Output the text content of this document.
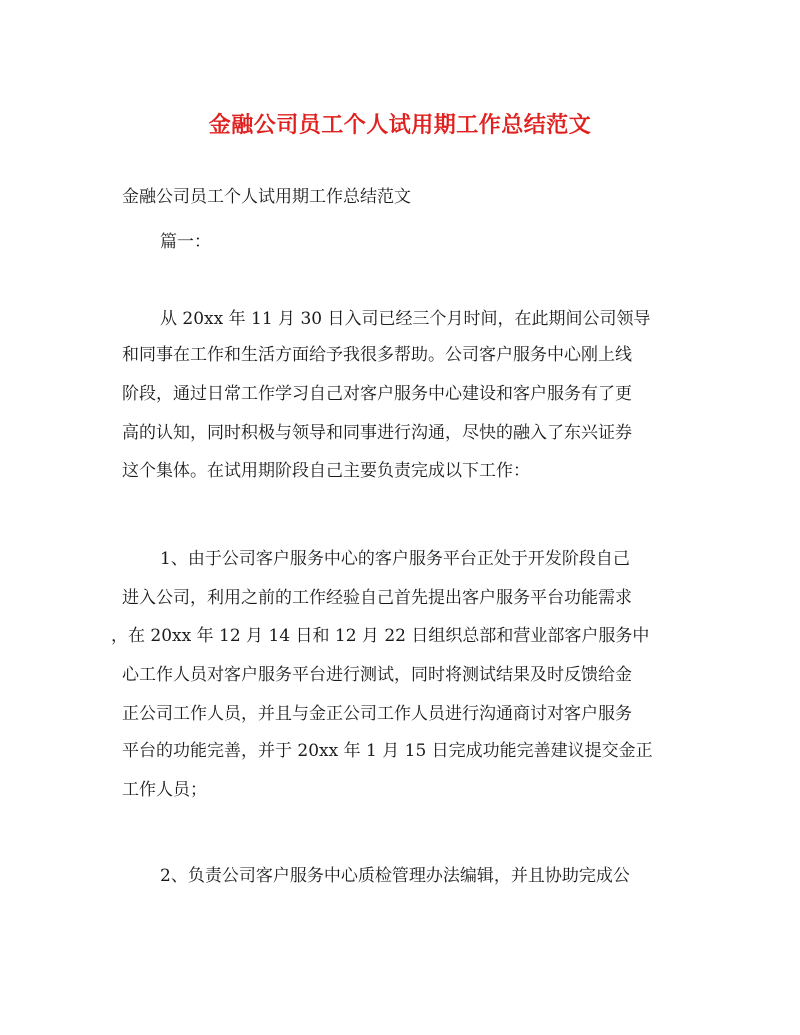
金融公司员工个人试用期工作总结范文

金融公司员工个人试用期工作总结范文

篇一：

从 20xx 年 11 月 30 日入司已经三个月时间，在此期间公司领导

和同事在工作和生活方面给予我很多帮助。公司客户服务中心刚上线

阶段，通过日常工作学习自己对客户服务中心建设和客户服务有了更

高的认知，同时积极与领导和同事进行沟通，尽快的融入了东兴证券

这个集体。在试用期阶段自己主要负责完成以下工作：

1、由于公司客户服务中心的客户服务平台正处于开发阶段自己

进入公司，利用之前的工作经验自己首先提出客户服务平台功能需求

，在 20xx 年 12 月 14 日和 12 月 22 日组织总部和营业部客户服务中

心工作人员对客户服务平台进行测试，同时将测试结果及时反馈给金

正公司工作人员，并且与金正公司工作人员进行沟通商讨对客户服务

平台的功能完善，并于 20xx 年 1 月 15 日完成功能完善建议提交金正

工作人员；

2、负责公司客户服务中心质检管理办法编辑，并且协助完成公
